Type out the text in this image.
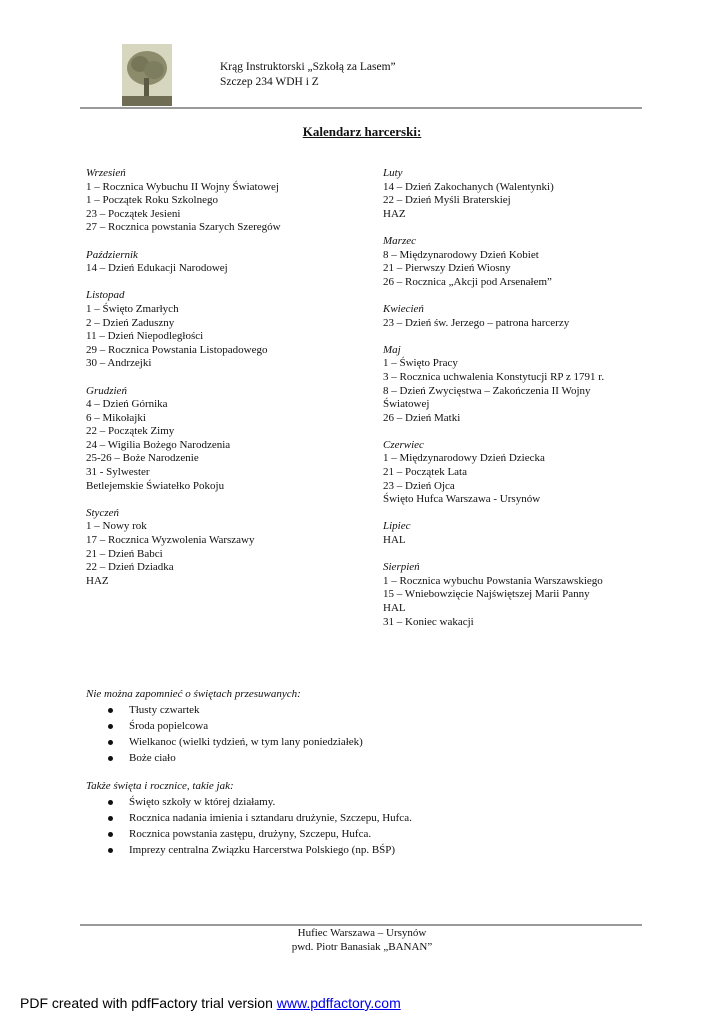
Krąg Instruktorski „Szkołą za Lasem”
Szczep 234 WDH i Z
Kalendarz harcerski:
Wrzesień
1 – Rocznica Wybuchu II Wojny Światowej
1 – Początek Roku Szkolnego
23 – Początek Jesieni
27 – Rocznica powstania Szarych Szeregów
Październik
14 – Dzień Edukacji Narodowej
Listopad
1 – Święto Zmarłych
2 – Dzień Zaduszny
11 – Dzień Niepodległości
29 – Rocznica Powstania Listopadowego
30 – Andrzejki
Grudzień
4 – Dzień Górnika
6 – Mikołajki
22 – Początek Zimy
24 – Wigilia Bożego Narodzenia
25-26 – Boże Narodzenie
31 - Sylwester
Betlejemskie Światełko Pokoju
Styczeń
1 – Nowy rok
17 – Rocznica Wyzwolenia Warszawy
21 – Dzień Babci
22 – Dzień Dziadka
HAZ
Luty
14 – Dzień Zakochanych (Walentynki)
22 – Dzień Myśli Braterskiej
HAZ
Marzec
8 – Międzynarodowy Dzień Kobiet
21 – Pierwszy Dzień Wiosny
26 – Rocznica „Akcji pod Arsenałem”
Kwiecień
23 – Dzień św. Jerzego – patrona harcerzy
Maj
1 – Święto Pracy
3 – Rocznica uchwalenia Konstytucji RP z 1791 r.
8 – Dzień Zwycięstwa – Zakończenia II Wojny Światowej
26 – Dzień Matki
Czerwiec
1 – Międzynarodowy Dzień Dziecka
21 – Początek Lata
23 – Dzień Ojca
Święto Hufca Warszawa - Ursynów
Lipiec
HAL
Sierpień
1 – Rocznica wybuchu Powstania Warszawskiego
15 – Wniebowzięcie Najświętszej Marii Panny
HAL
31 – Koniec wakacji
Nie można zapomnieć o świętach przesuwanych:
Tłusty czwartek
Środa popielcowa
Wielkanoc (wielki tydzień, w tym lany poniedziałek)
Boże ciało
Także święta i rocznice, takie jak:
Święto szkoły w której działamy.
Rocznica nadania imienia i sztandaru drużynie, Szczepu, Hufca.
Rocznica powstania zastępu, drużyny, Szczepu, Hufca.
Imprezy centralna Związku Harcerstwa Polskiego (np. BŚP)
Hufiec Warszawa – Ursynów
pwd. Piotr Banasiak „BANAN”
PDF created with pdfFactory trial version www.pdffactory.com
